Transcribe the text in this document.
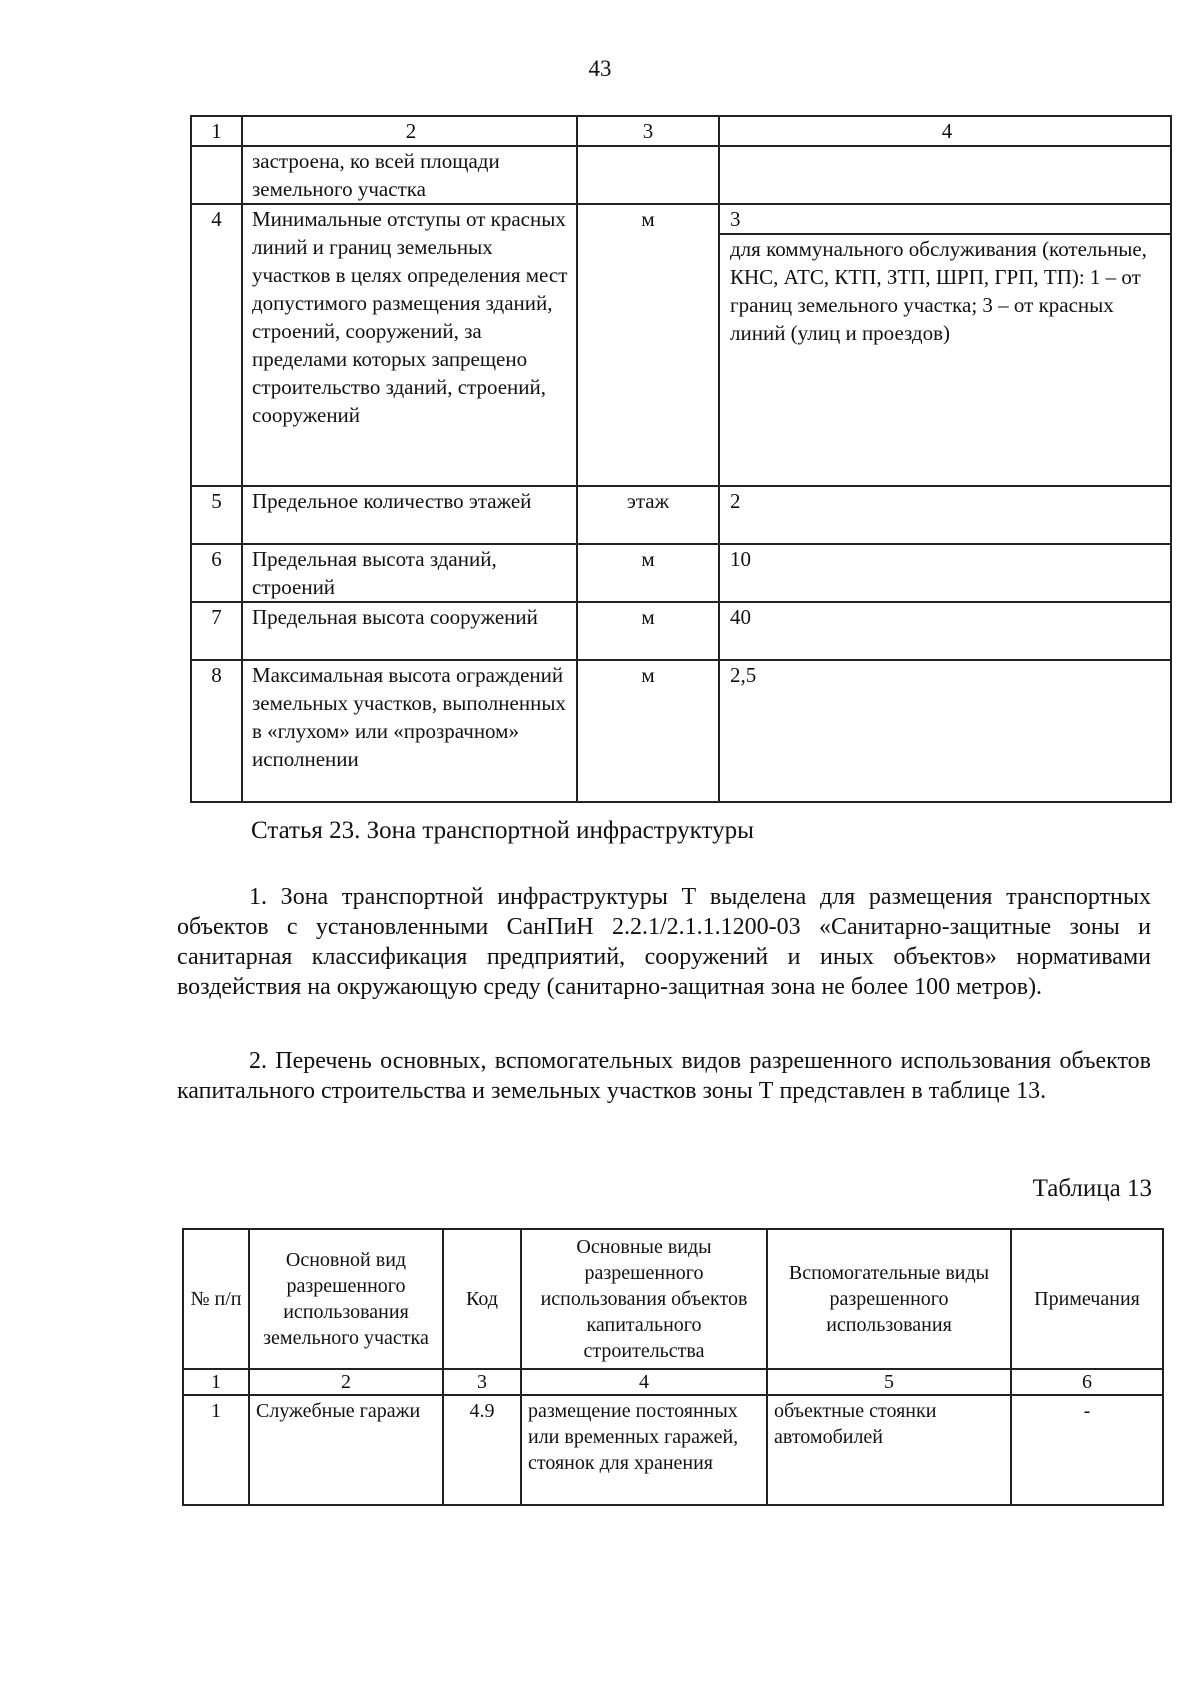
43
1	2	3	4
	застроена, ко всей площади земельного участка		
4	Минимальные отступы от красных линий и границ земельных участков в целях определения мест допустимого размещения зданий, строений, сооружений, за пределами которых запрещено строительство зданий, строений, сооружений	м	3
для коммунального обслуживания (котельные, КНС, АТС, КТП, ЗТП, ШРП, ГРП, ТП): 1 – от границ земельного участка; 3 – от красных линий (улиц и проездов)

5	Предельное количество этажей	этаж	2
6	Предельная высота зданий, строений	м	10
7	Предельная высота сооружений	м	40
8	Максимальная высота ограждений земельных участков, выполненных в «глухом» или «прозрачном» исполнении	м	2,5
Статья 23. Зона транспортной инфраструктуры

1. Зона транспортной инфраструктуры Т выделена для размещения транспортных объектов с установленными СанПиН 2.2.1/2.1.1.1200-03 «Санитарно-защитные зоны и санитарная классификация предприятий, сооружений и иных объектов» нормативами воздействия на окружающую среду (санитарно-защитная зона не более 100 метров).

2. Перечень основных, вспомогательных видов разрешенного использования объектов капитального строительства и земельных участков зоны Т представлен в таблице 13.

Таблица 13
№ п/п	Основной вид разрешенного использования земельного участка	Код	Основные виды разрешенного использования объектов капитального строительства	Вспомогательные виды разрешенного использования	Примечания
1	2	3	4	5	6
1	Служебные гаражи	4.9	размещение постоянных или временных гаражей, стоянок для хранения	объектные стоянки автомобилей	-
